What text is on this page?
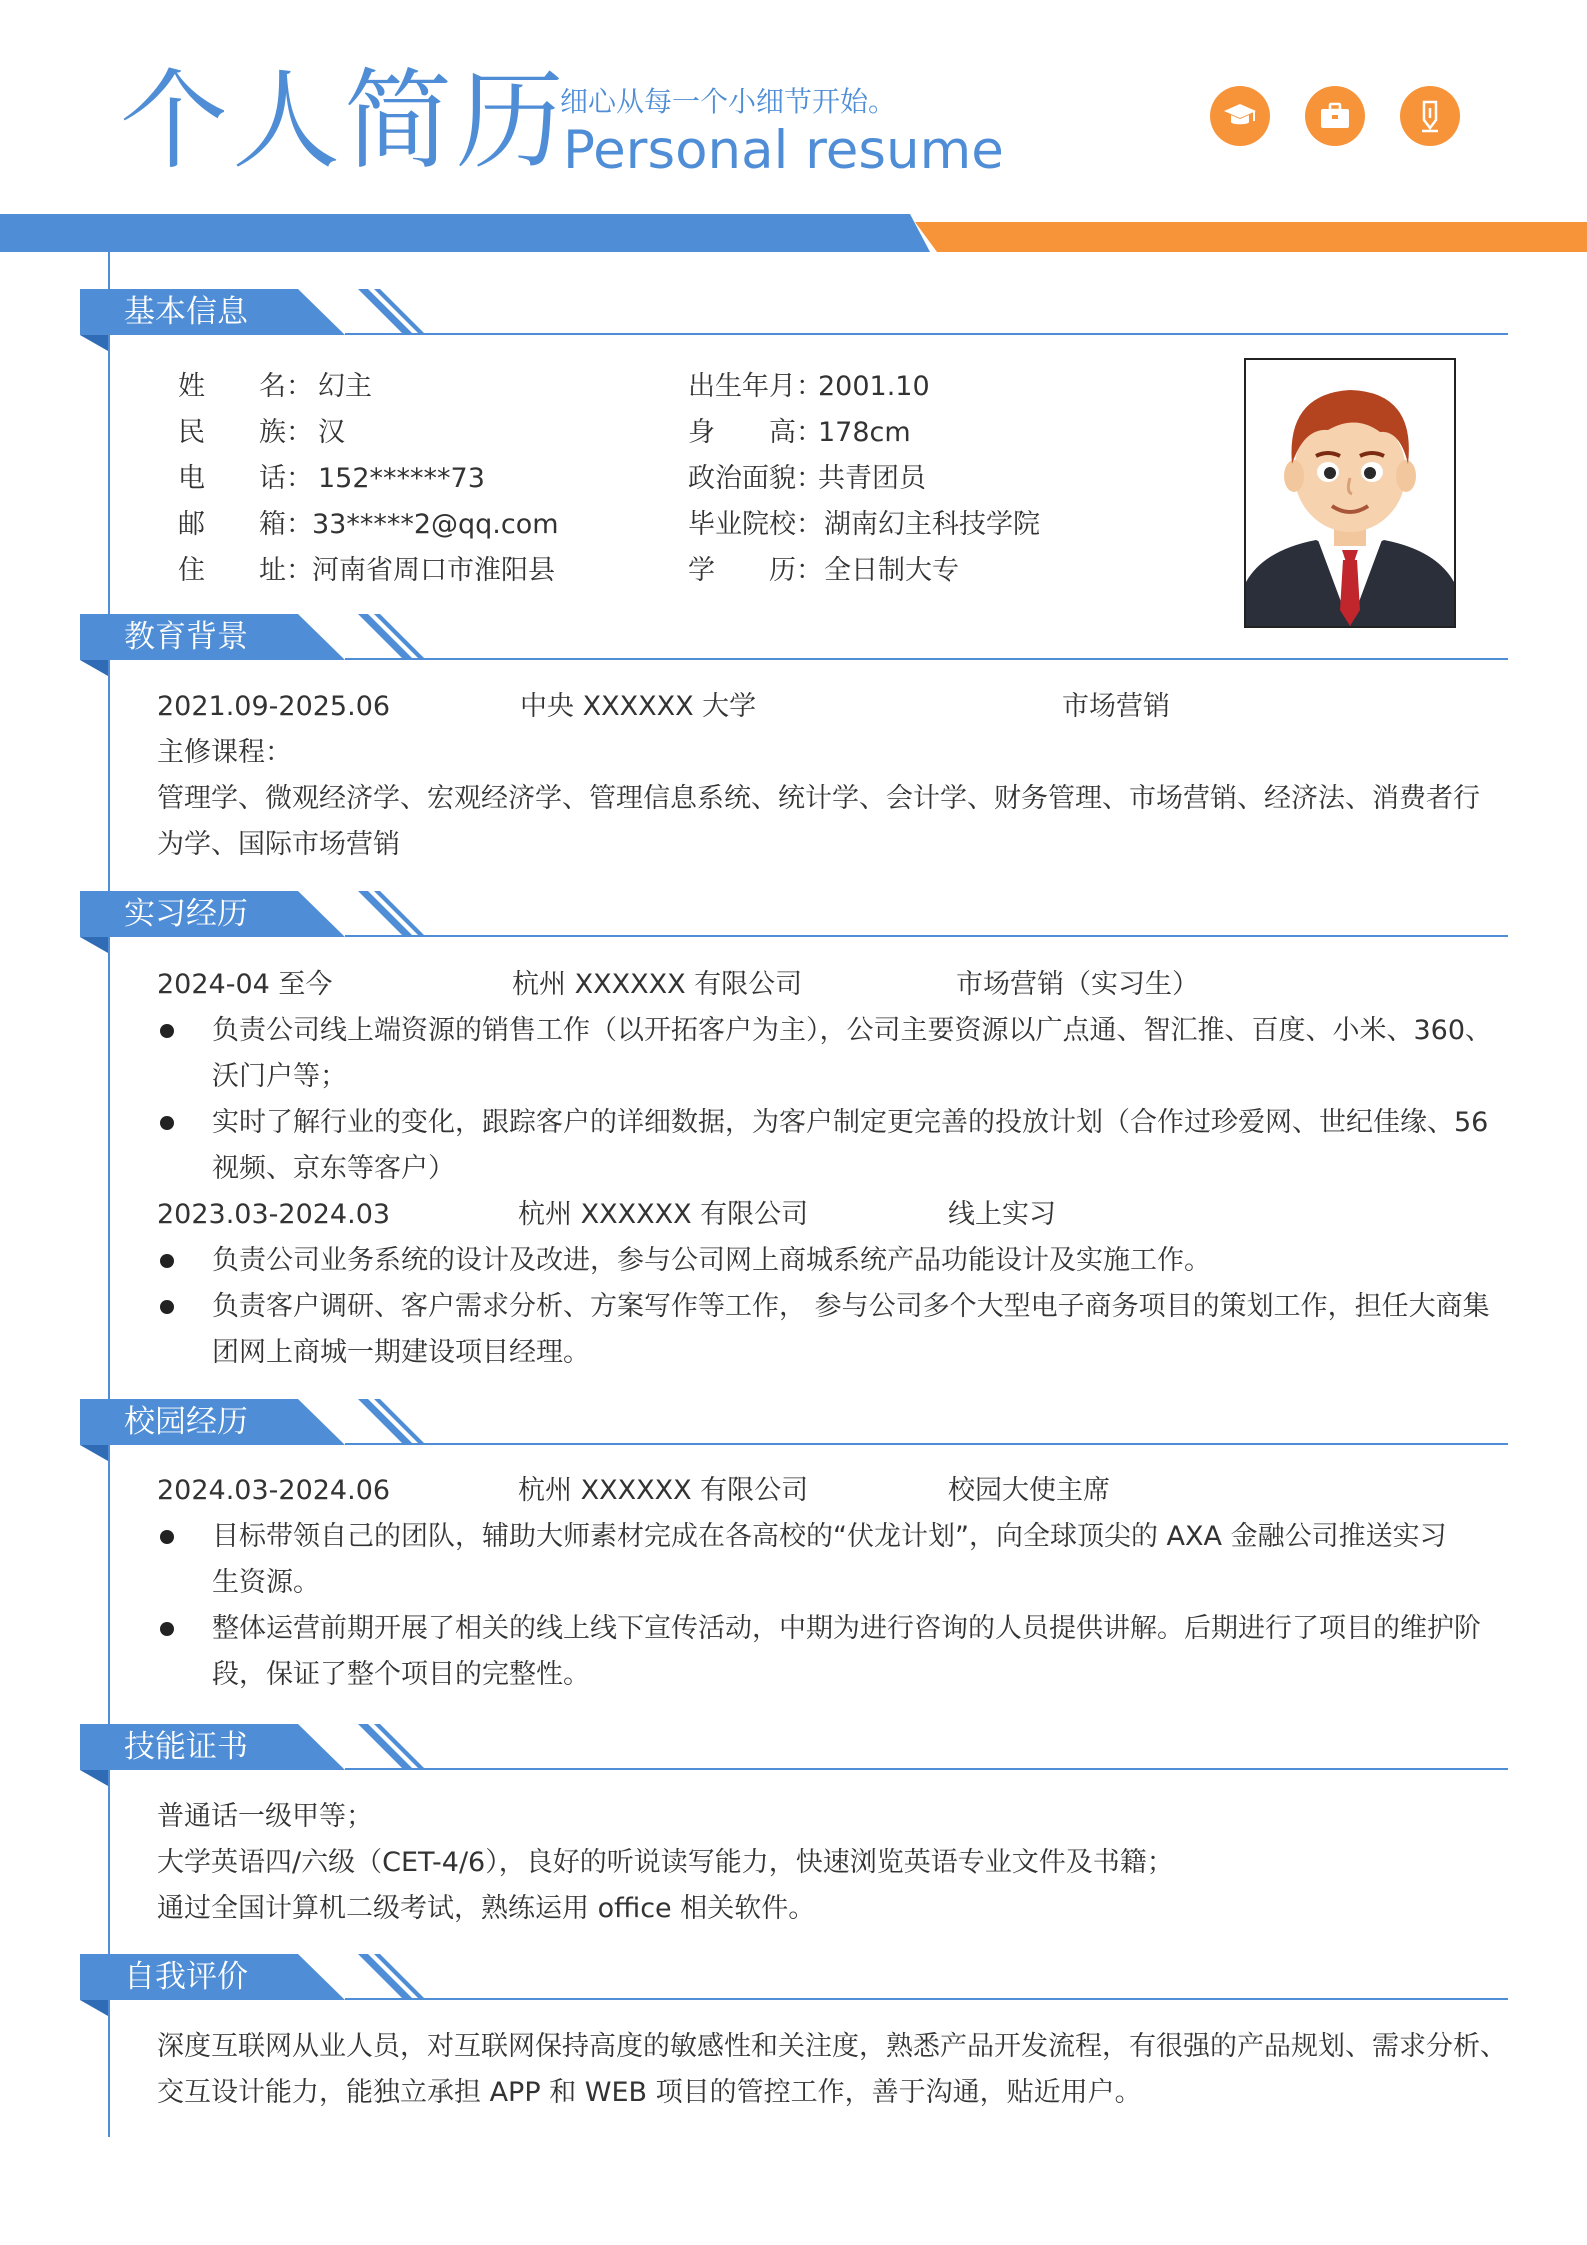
个人简历
细心从每一个小细节开始。
Personal resume
基本信息
姓　　名： 幻主
民　　族： 汉
电　　话： 152******73
邮　　箱： 33*****2@qq.com
住　　址： 河南省周口市淮阳县
出生年月：
2001.10
身　　高：
178cm
政治面貌：
共青团员
毕业院校： 湖南幻主科技学院
学　　历： 全日制大专
教育背景
2021.09-2025.06	中央 XXXXXX 大学	市场营销
主修课程：
管理学、微观经济学、宏观经济学、管理信息系统、统计学、会计学、财务管理、市场营销、经济法、消费者行
为学、国际市场营销
实习经历
2024-04 至今	杭州 XXXXXX 有限公司	市场营销（实习生）
负责公司线上端资源的销售工作（以开拓客户为主），公司主要资源以广点通、智汇推、百度、小米、360、
沃门户等；
实时了解行业的变化，跟踪客户的详细数据，为客户制定更完善的投放计划（合作过珍爱网、世纪佳缘、56
视频、京东等客户）
2023.03-2024.03	杭州 XXXXXX 有限公司	线上实习
负责公司业务系统的设计及改进，参与公司网上商城系统产品功能设计及实施工作。
负责客户调研、客户需求分析、方案写作等工作， 参与公司多个大型电子商务项目的策划工作，担任大商集
团网上商城一期建设项目经理。
校园经历
2024.03-2024.06	杭州 XXXXXX 有限公司	校园大使主席
目标带领自己的团队，辅助大师素材完成在各高校的“伏龙计划”，向全球顶尖的 AXA 金融公司推送实习
生资源。
整体运营前期开展了相关的线上线下宣传活动，中期为进行咨询的人员提供讲解。后期进行了项目的维护阶
段，保证了整个项目的完整性。
技能证书
普通话一级甲等；
大学英语四/六级（CET-4/6），良好的听说读写能力，快速浏览英语专业文件及书籍；
通过全国计算机二级考试，熟练运用 office 相关软件。
自我评价
深度互联网从业人员，对互联网保持高度的敏感性和关注度，熟悉产品开发流程，有很强的产品规划、需求分析、
交互设计能力，能独立承担 APP 和 WEB 项目的管控工作，善于沟通，贴近用户。
